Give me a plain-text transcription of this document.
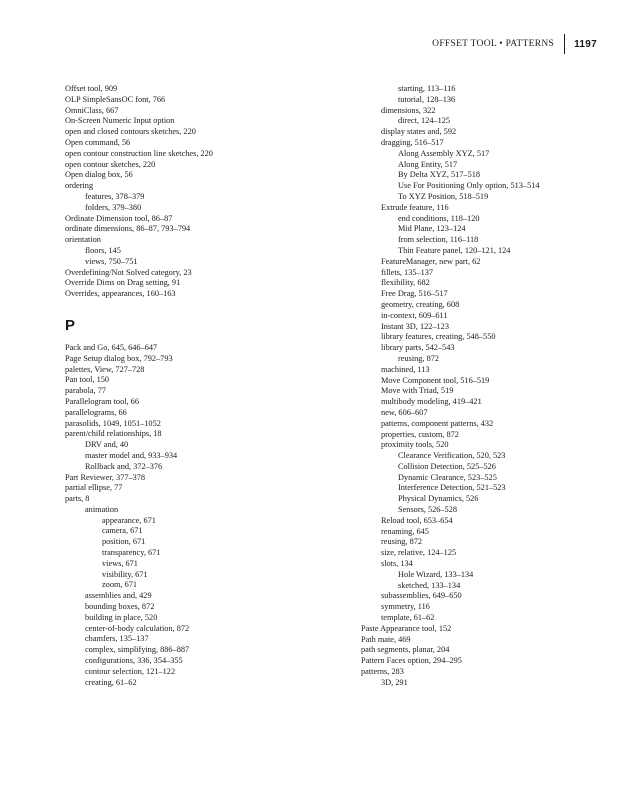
OFFSET TOOL • PATTERNS 1197
Offset tool, 909
OLP SimpleSansOC font, 766
OmniClass, 667
On-Screen Numeric Input option
open and closed contours sketches, 220
Open command, 56
open contour construction line sketches, 220
open contour sketches, 220
Open dialog box, 56
ordering
features, 378–379
folders, 379–380
Ordinate Dimension tool, 86–87
ordinate dimensions, 86–87, 793–794
orientation
floors, 145
views, 750–751
Overdefining/Not Solved category, 23
Override Dims on Drag setting, 91
Overrides, appearances, 160–163
P
Pack and Go, 645, 646–647
Page Setup dialog box, 792–793
palettes, View, 727–728
Pan tool, 150
parabola, 77
Parallelogram tool, 66
parallelograms, 66
parasolids, 1049, 1051–1052
parent/child relationships, 18
DRV and, 40
master model and, 933–934
Rollback and, 372–376
Part Reviewer, 377–378
partial ellipse, 77
parts, 8
animation
appearance, 671
camera, 671
position, 671
transparency, 671
views, 671
visibility, 671
zoom, 671
assemblies and, 429
bounding boxes, 872
building in place, 520
center-of-body calculation, 872
chamfers, 135–137
complex, simplifying, 886–887
configurations, 336, 354–355
contour selection, 121–122
creating, 61–62
starting, 113–116
tutorial, 128–136
dimensions, 322
direct, 124–125
display states and, 592
dragging, 516–517
Along Assembly XYZ, 517
Along Entity, 517
By Delta XYZ, 517–518
Use For Positioning Only option, 513–514
To XYZ Position, 518–519
Extrude feature, 116
end conditions, 118–120
Mid Plane, 123–124
from selection, 116–118
Thin Feature panel, 120–121, 124
FeatureManager, new part, 62
fillets, 135–137
flexibility, 682
Free Drag, 516–517
geometry, creating, 608
in-context, 609–611
Instant 3D, 122–123
library features, creating, 548–550
library parts, 542–543
reusing, 872
machined, 113
Move Component tool, 516–519
Move with Triad, 519
multibody modeling, 419–421
new, 606–607
patterns, component patterns, 432
properties, custom, 872
proximity tools, 520
Clearance Verification, 520, 523
Collision Detection, 525–526
Dynamic Clearance, 523–525
Interference Detection, 521–523
Physical Dynamics, 526
Sensors, 526–528
Reload tool, 653–654
renaming, 645
reusing, 872
size, relative, 124–125
slots, 134
Hole Wizard, 133–134
sketched, 133–134
subassemblies, 649–650
symmetry, 116
template, 61–62
Paste Appearance tool, 152
Path mate, 469
path segments, planar, 204
Pattern Faces option, 294–295
patterns, 283
3D, 291
